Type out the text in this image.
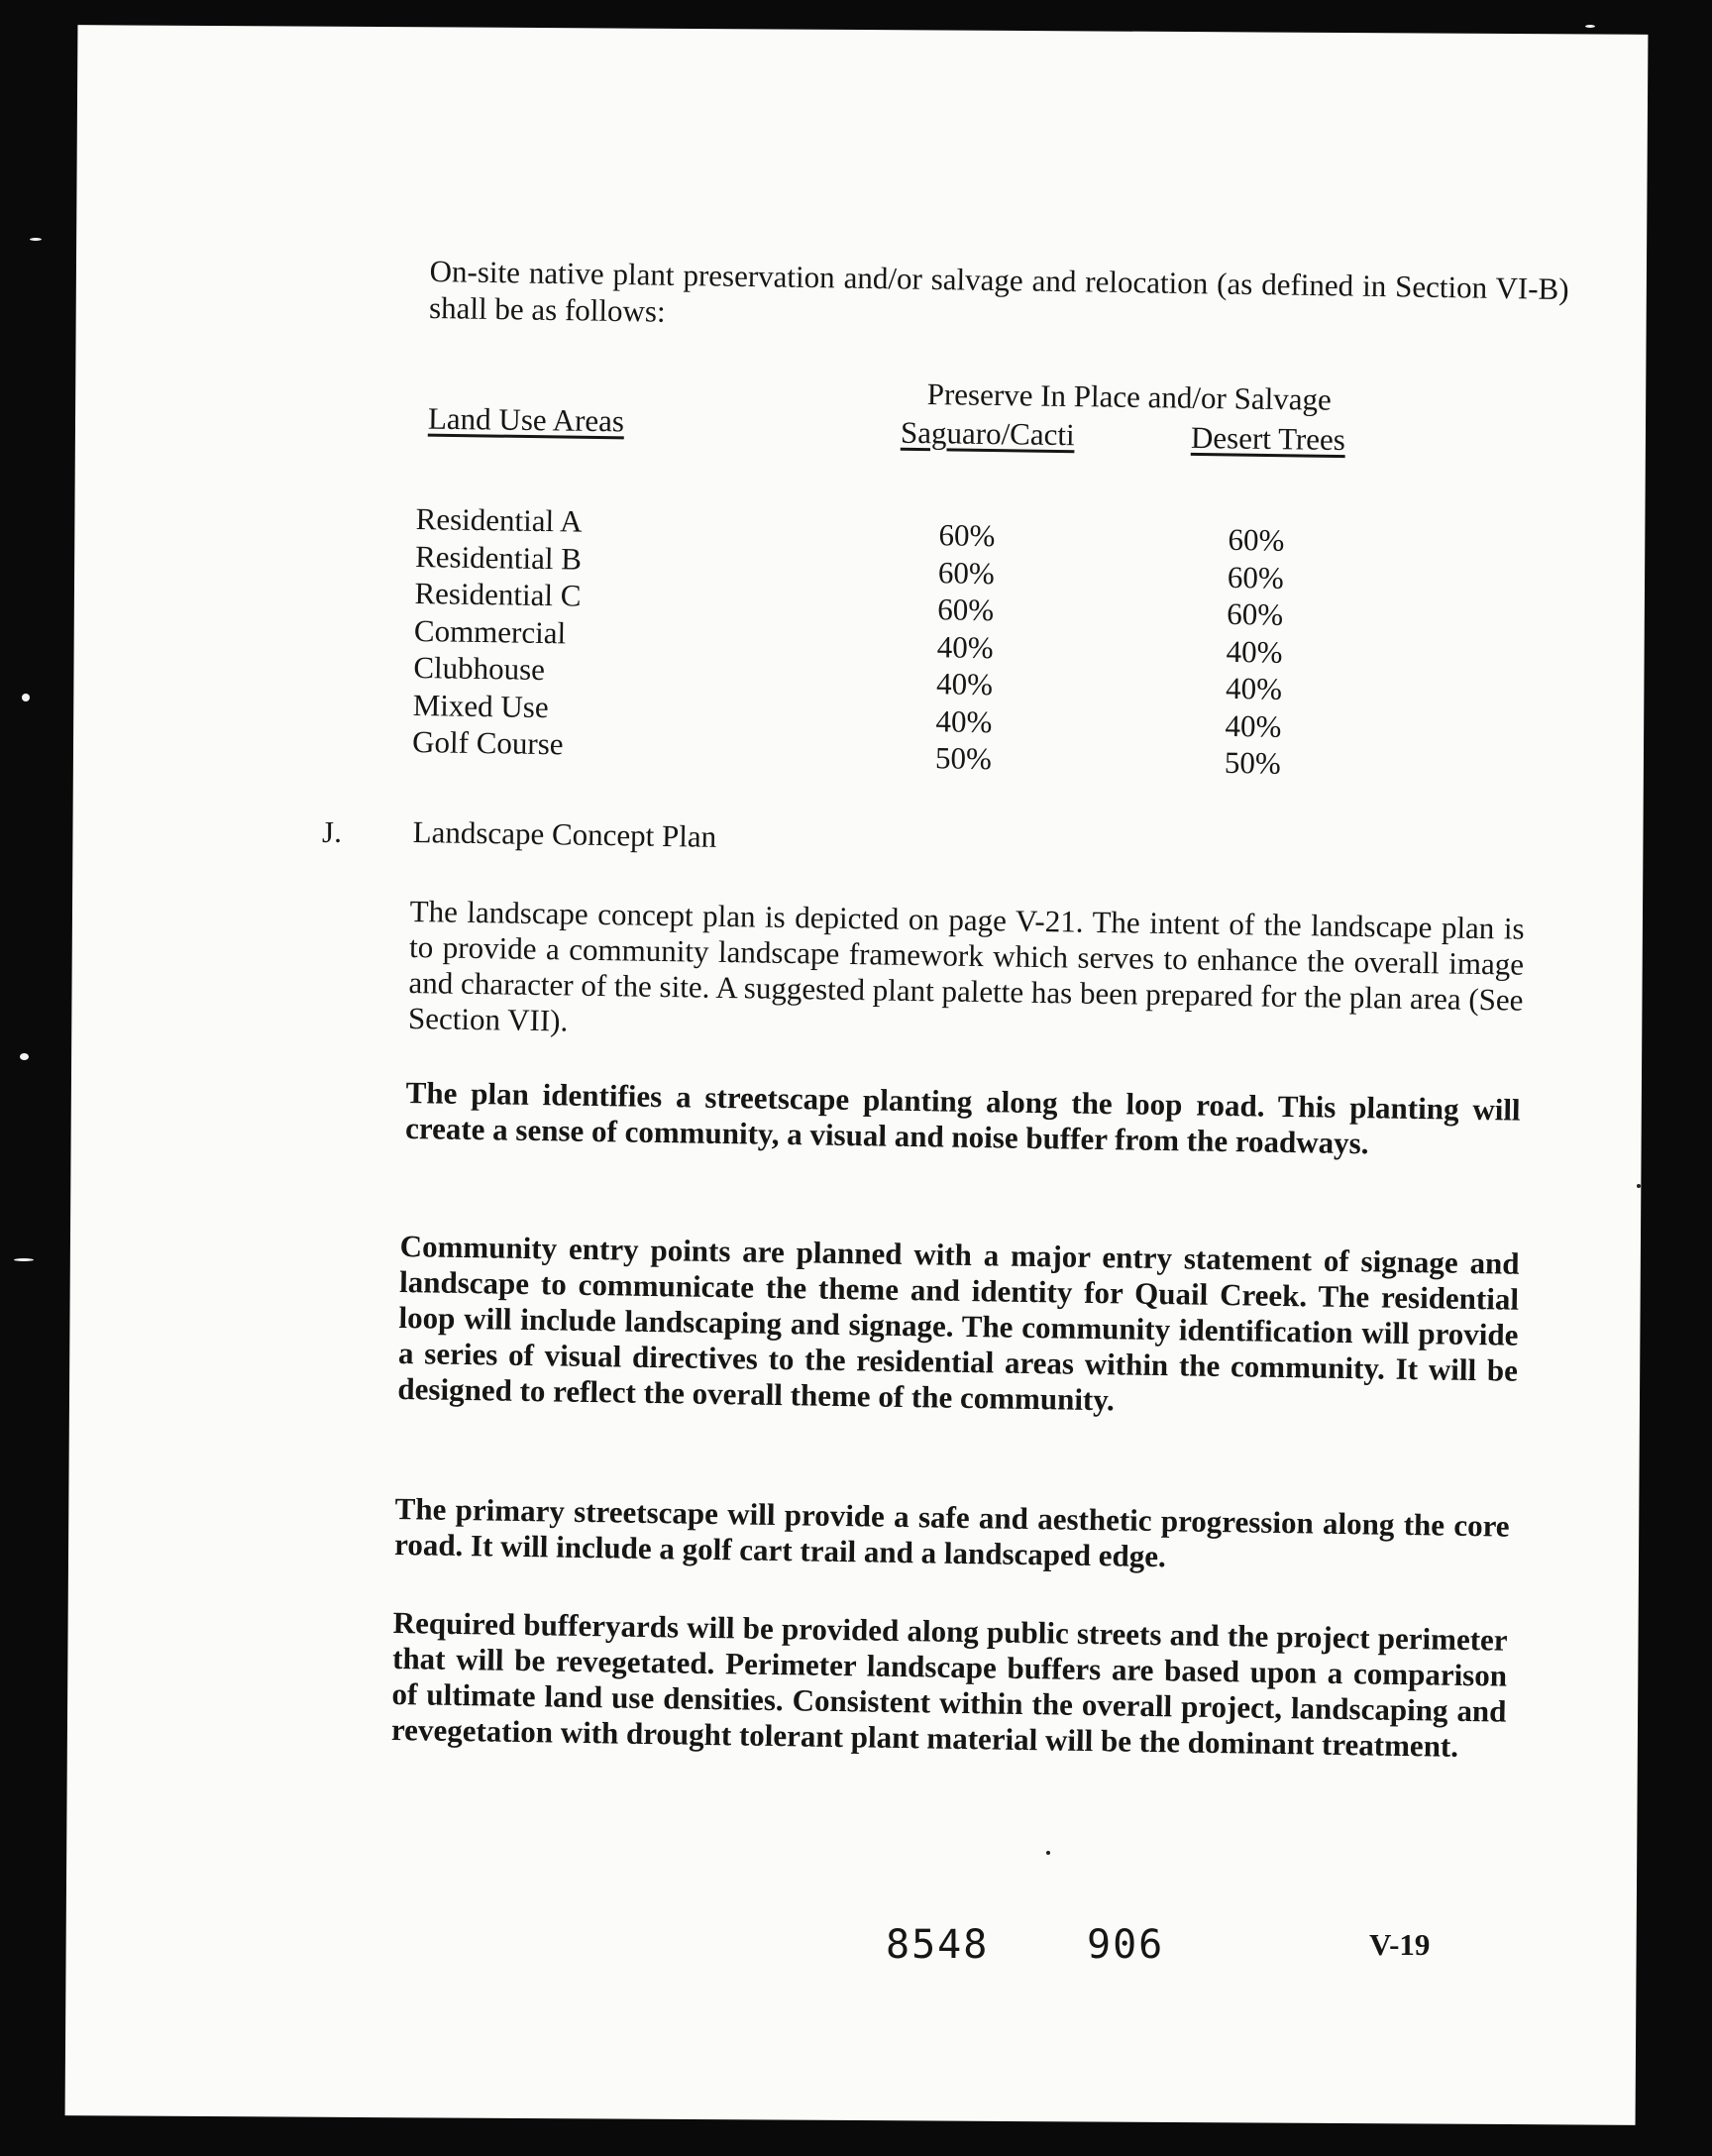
On-site native plant preservation and/or salvage and relocation (as defined in Section VI-B) shall be as follows:

Preserve In Place and/or Salvage
Land Use Areas	Saguaro/Cacti	Desert Trees
Residential A	60%	60%
Residential B	60%	60%
Residential C	60%	60%
Commercial	40%	40%
Clubhouse	40%	40%
Mixed Use	40%	40%
Golf Course	50%	50%
J. Landscape Concept Plan

The landscape concept plan is depicted on page V-21. The intent of the landscape plan is to provide a community landscape framework which serves to enhance the overall image and character of the site. A suggested plant palette has been prepared for the plan area (See Section VII).

The plan identifies a streetscape planting along the loop road. This planting will create a sense of community, a visual and noise buffer from the roadways.

Community entry points are planned with a major entry statement of signage and landscape to communicate the theme and identity for Quail Creek. The residential loop will include landscaping and signage. The community identification will provide a series of visual directives to the residential areas within the community. It will be designed to reflect the overall theme of the community.

The primary streetscape will provide a safe and aesthetic progression along the core road. It will include a golf cart trail and a landscaped edge.

Required bufferyards will be provided along public streets and the project perimeter that will be revegetated. Perimeter landscape buffers are based upon a comparison of ultimate land use densities. Consistent within the overall project, landscaping and revegetation with drought tolerant plant material will be the dominant treatment.

8548 906	V-19
